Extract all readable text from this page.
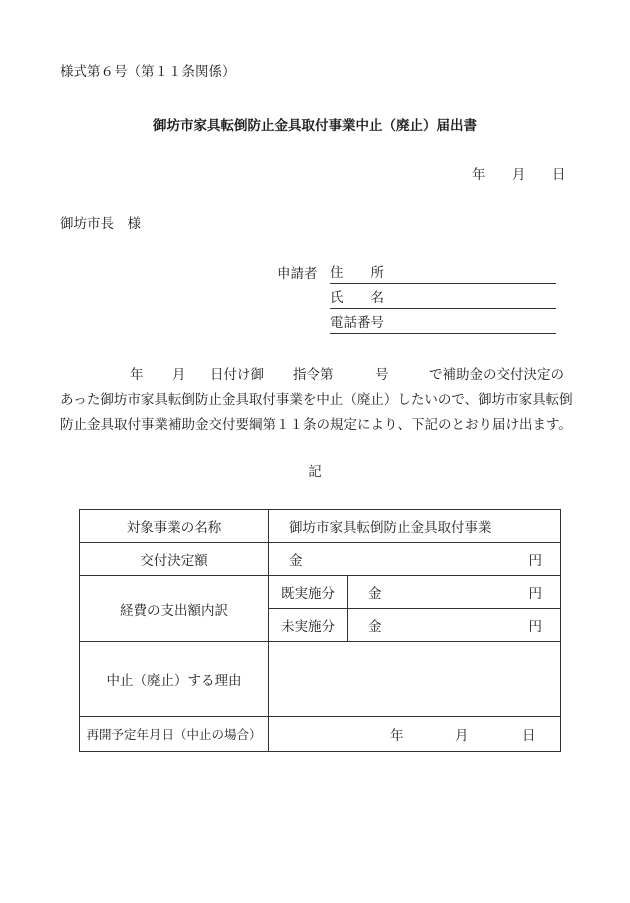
様式第６号（第１１条関係）
御坊市家具転倒防止金具取付事業中止（廃止）届出書
年 月 日
御坊市長　様
申請者 住　　所
氏　　名
電話番号
年 月 日付け御 指令第	号	で補助金の交付決定の
あった御坊市家具転倒防止金具取付事業を中止（廃止）したいので、御坊市家具転倒
防止金具取付事業補助金交付要綱第１１条の規定により、下記のとおり届け出ます。
記
対象事業の名称	御坊市家具転倒防止金具取付事業	

交付決定額	金 円	

経費の支出額内訳	既実施分	金 円

	未実施分	金 円

中止（廃止）する理由		
再開予定年月日（中止の場合）	年 月 日	
